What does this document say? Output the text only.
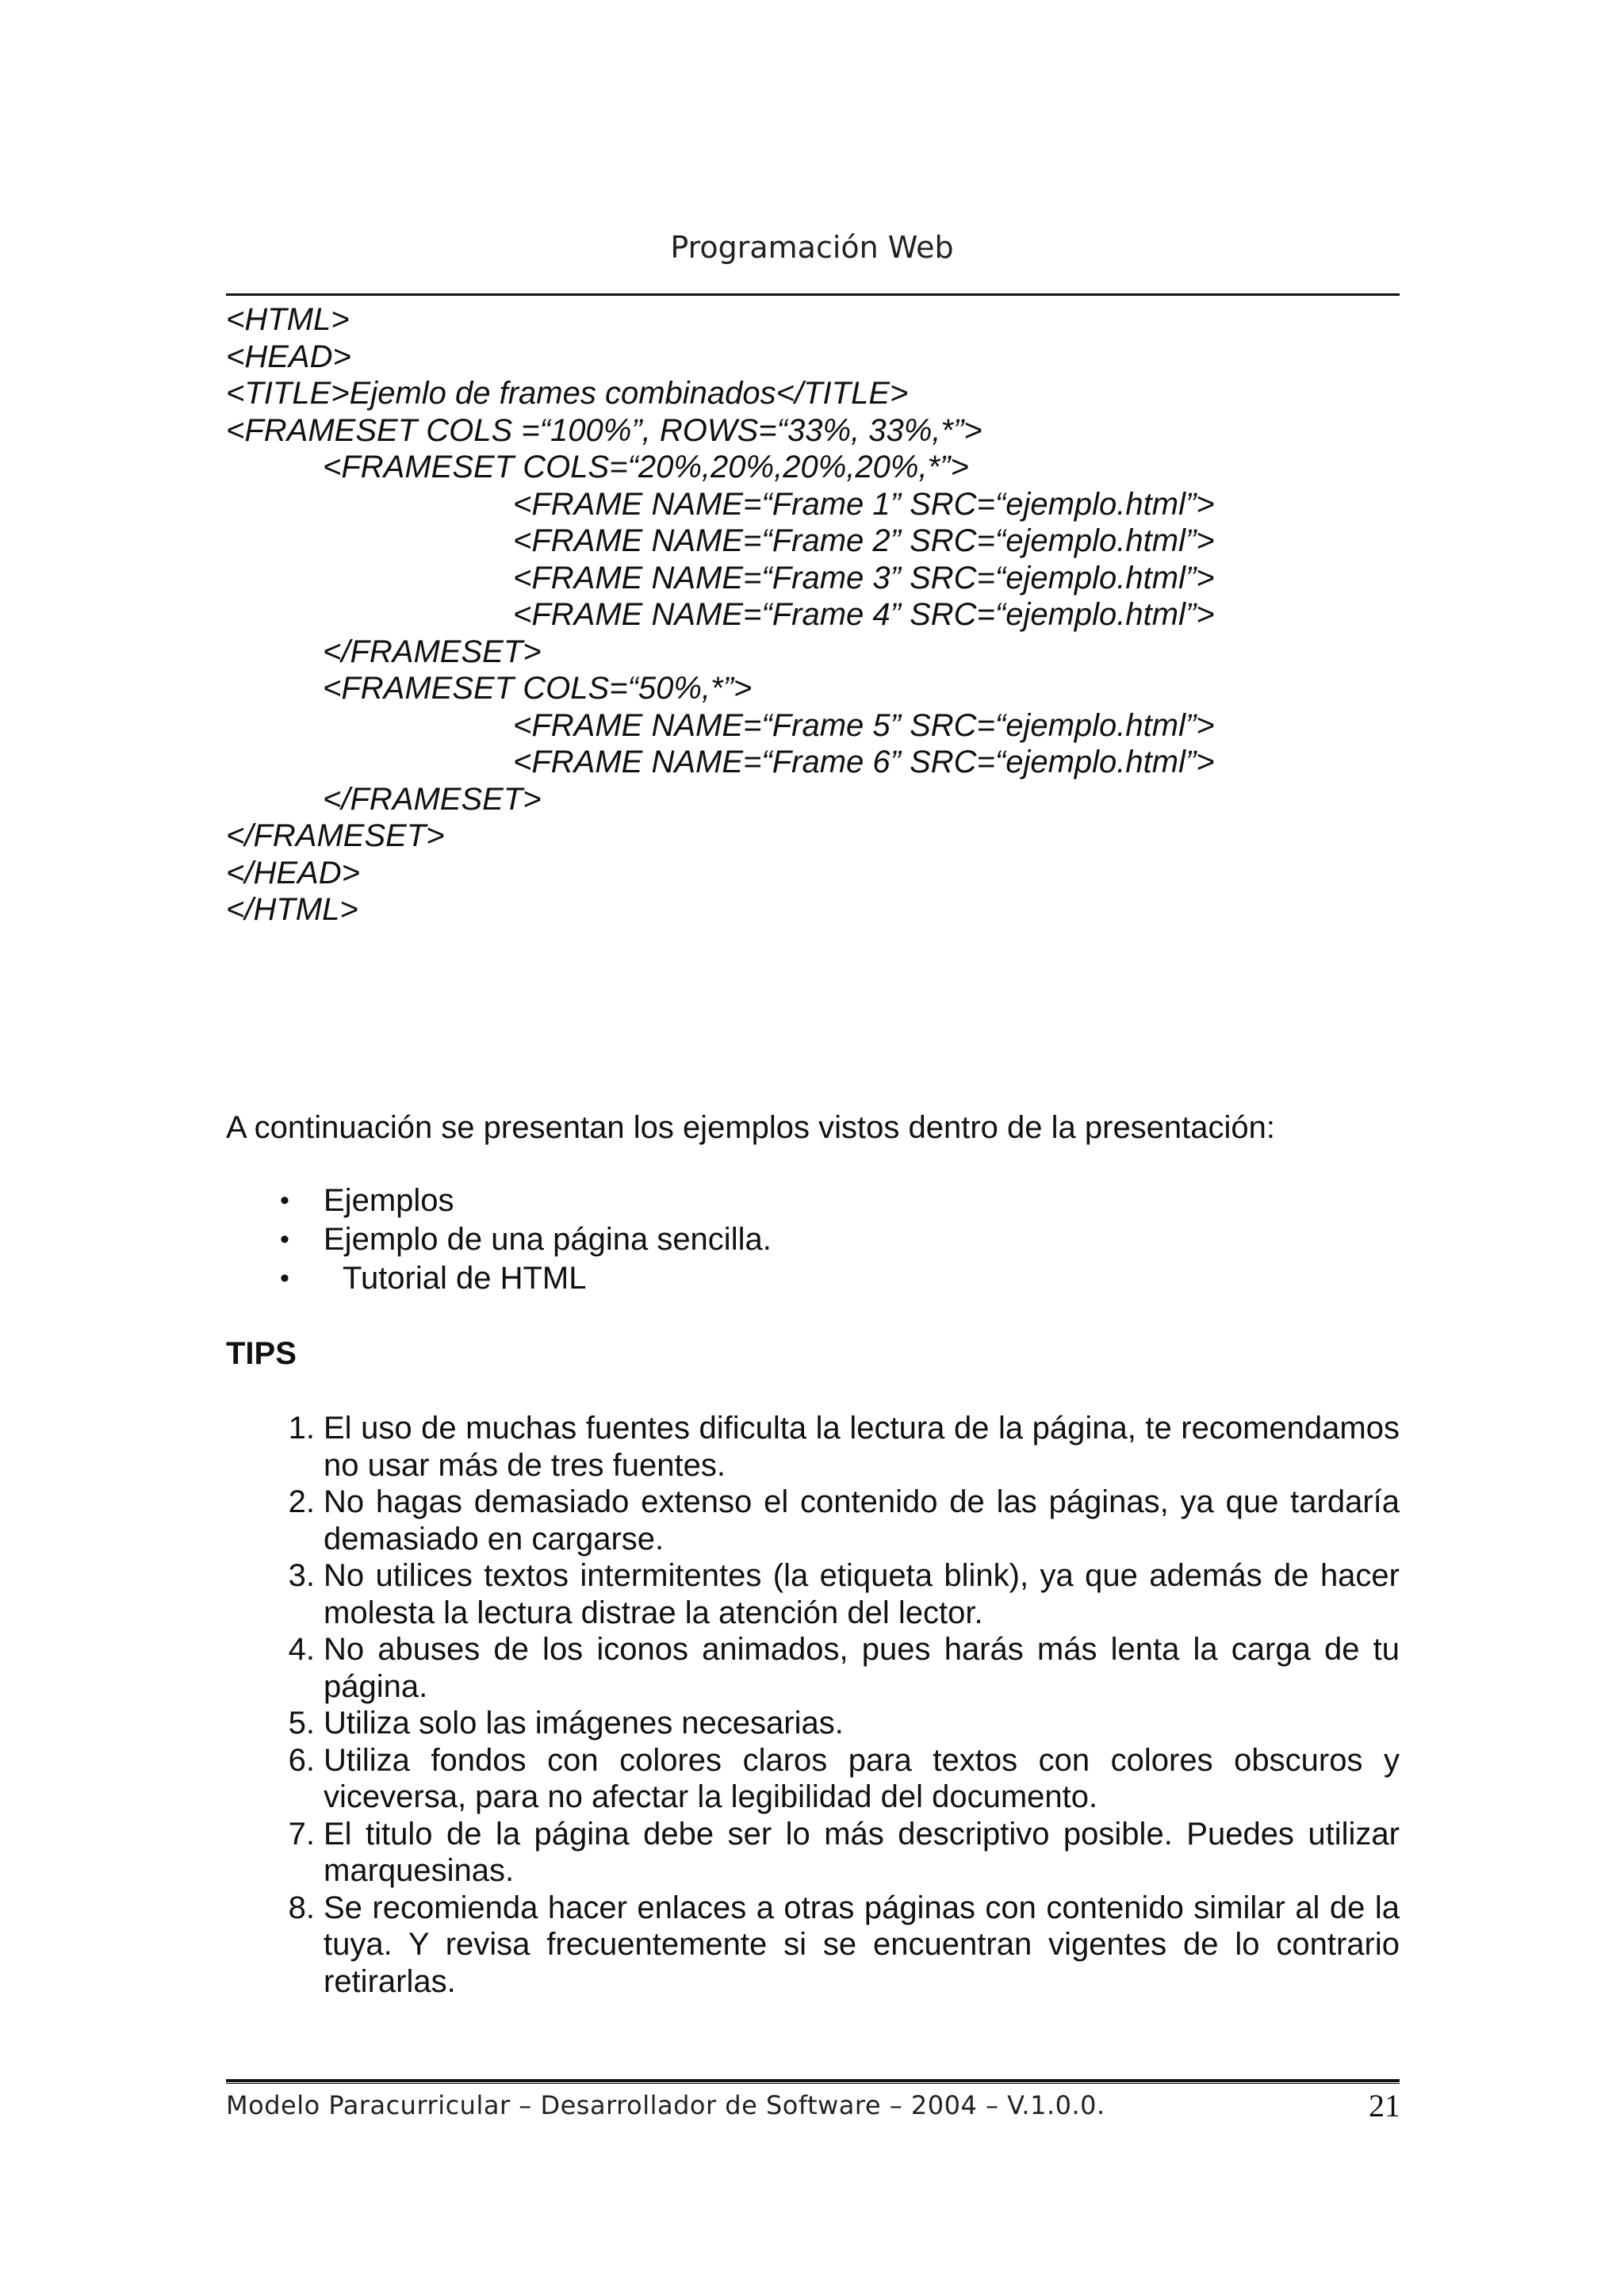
Programación Web
<HTML>
<HEAD>
<TITLE>Ejemlo de frames combinados</TITLE>
<FRAMESET COLS =“100%”, ROWS=“33%, 33%,*”>
<FRAMESET COLS=“20%,20%,20%,20%,*”>
<FRAME NAME=“Frame 1” SRC=“ejemplo.html”>
<FRAME NAME=“Frame 2” SRC=“ejemplo.html”>
<FRAME NAME=“Frame 3” SRC=“ejemplo.html”>
<FRAME NAME=“Frame 4” SRC=“ejemplo.html”>
</FRAMESET>
<FRAMESET COLS=“50%,*”>
<FRAME NAME=“Frame 5” SRC=“ejemplo.html”>
<FRAME NAME=“Frame 6” SRC=“ejemplo.html”>
</FRAMESET>
</FRAMESET>
</HEAD>
</HTML>

A continuación se presentan los ejemplos vistos dentro de la presentación:

• Ejemplos
• Ejemplo de una página sencilla.
• Tutorial de HTML
TIPS
1. El uso de muchas fuentes dificulta la lectura de la página, te recomendamos no usar más de tres fuentes.
2. No hagas demasiado extenso el contenido de las páginas, ya que tardaría demasiado en cargarse.
3. No utilices textos intermitentes (la etiqueta blink), ya que además de hacer molesta la lectura distrae la atención del lector.
4. No abuses de los iconos animados, pues harás más lenta la carga de tu página.
5. Utiliza solo las imágenes necesarias.
6. Utiliza fondos con colores claros para textos con colores obscuros y viceversa, para no afectar la legibilidad del documento.
7. El titulo de la página debe ser lo más descriptivo posible. Puedes utilizar marquesinas.
8. Se recomienda hacer enlaces a otras páginas con contenido similar al de la tuya. Y revisa frecuentemente si se encuentran vigentes de lo contrario retirarlas.
Modelo Paracurricular – Desarrollador de Software – 2004 – V.1.0.0.	21
